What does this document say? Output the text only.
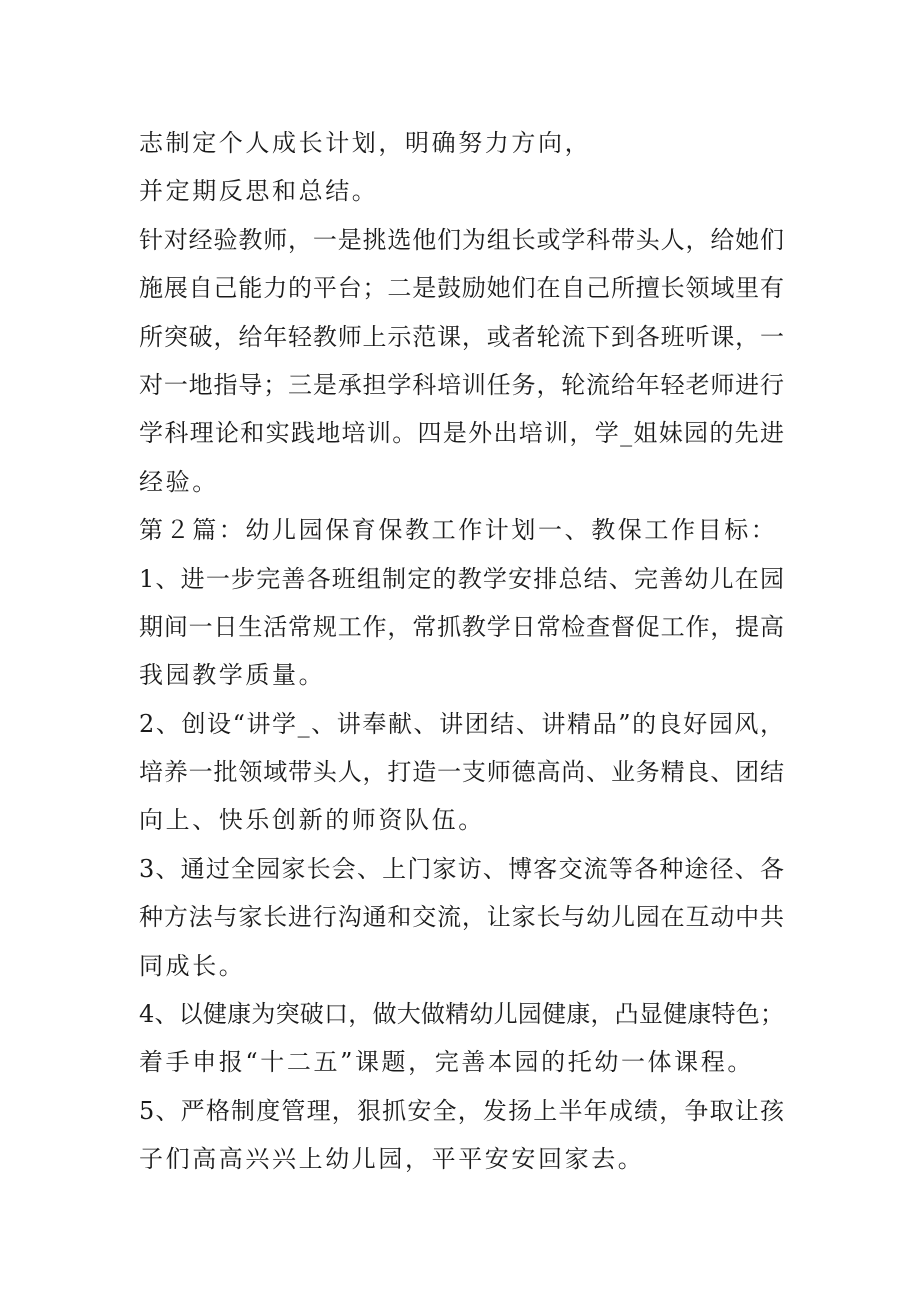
志制定个人成长计划，明确努力方向，
并定期反思和总结。
针对经验教师，一是挑选他们为组长或学科带头人，给她们
施展自己能力的平台；二是鼓励她们在自己所擅长领域里有
所突破，给年轻教师上示范课，或者轮流下到各班听课，一
对一地指导；三是承担学科培训任务，轮流给年轻老师进行
学科理论和实践地培训。四是外出培训，学_姐妹园的先进
经验。
第２篇：幼儿园保育保教工作计划一、教保工作目标：
1、进一步完善各班组制定的教学安排总结、完善幼儿在园
期间一日生活常规工作，常抓教学日常检查督促工作，提高
我园教学质量。
2、创设“讲学_、讲奉献、讲团结、讲精品”的良好园风，
培养一批领域带头人，打造一支师德高尚、业务精良、团结
向上、快乐创新的师资队伍。
3、通过全园家长会、上门家访、博客交流等各种途径、各
种方法与家长进行沟通和交流，让家长与幼儿园在互动中共
同成长。
4、以健康为突破口，做大做精幼儿园健康，凸显健康特色；
着手申报“十二五”课题，完善本园的托幼一体课程。
5、严格制度管理，狠抓安全，发扬上半年成绩，争取让孩
子们高高兴兴上幼儿园，平平安安回家去。
